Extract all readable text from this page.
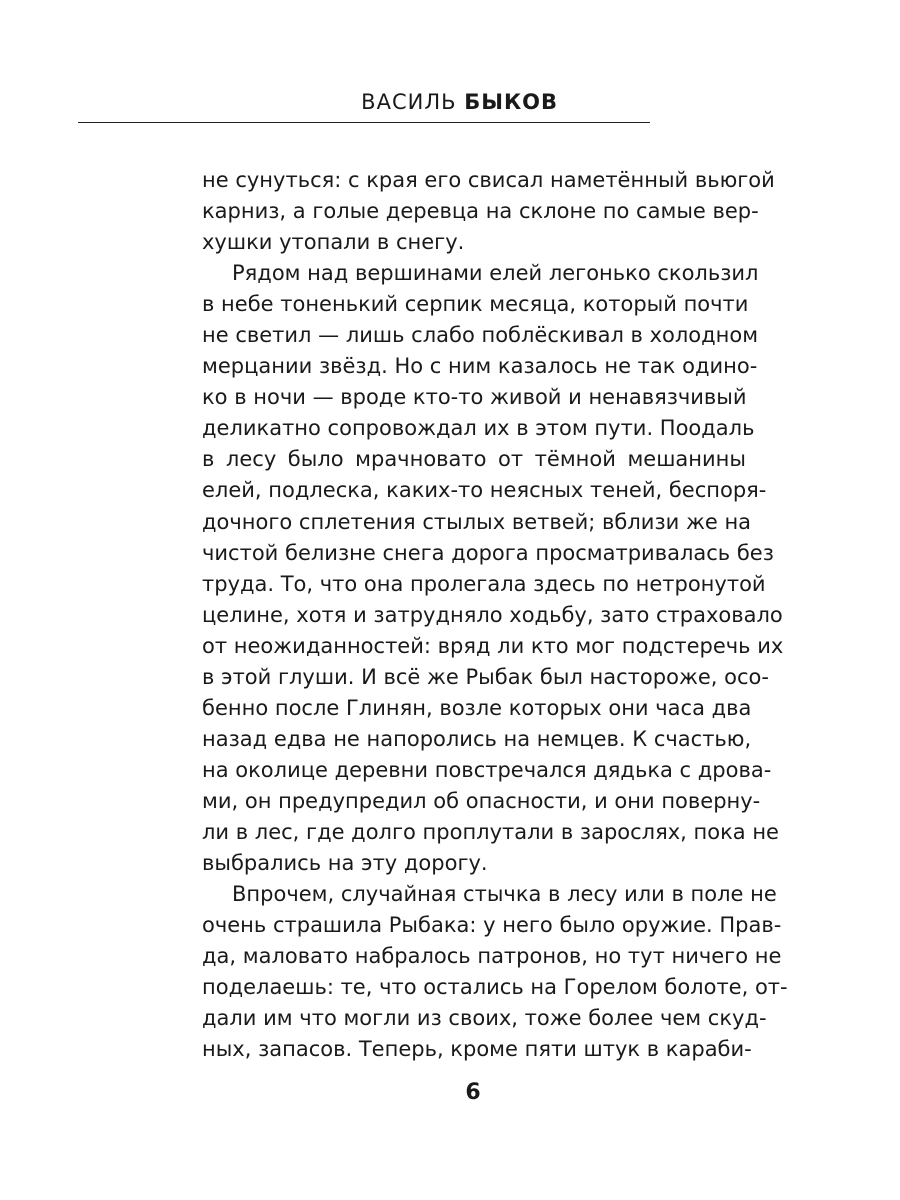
ВАСИЛЬ БЫКОВ
не сунуться: с края его свисал наметённый вьюгой
карниз, а голые деревца на склоне по самые вер-
хушки утопали в снегу.
Рядом над вершинами елей легонько скользил
в небе тоненький серпик месяца, который почти
не светил — лишь слабо поблёскивал в холодном
мерцании звёзд. Но с ним казалось не так одино-
ко в ночи — вроде кто-то живой и ненавязчивый
деликатно сопровождал их в этом пути. Поодаль
в лесу было мрачновато от тёмной мешанины
елей, подлеска, каких-то неясных теней, беспоря-
дочного сплетения стылых ветвей; вблизи же на
чистой белизне снега дорога просматривалась без
труда. То, что она пролегала здесь по нетронутой
целине, хотя и затрудняло ходьбу, зато страховало
от неожиданностей: вряд ли кто мог подстеречь их
в этой глуши. И всё же Рыбак был настороже, осо-
бенно после Глинян, возле которых они часа два
назад едва не напоролись на немцев. К счастью,
на околице деревни повстречался дядька с дрова-
ми, он предупредил об опасности, и они поверну-
ли в лес, где долго проплутали в зарослях, пока не
выбрались на эту дорогу.
Впрочем, случайная стычка в лесу или в поле не
очень страшила Рыбака: у него было оружие. Прав-
да, маловато набралось патронов, но тут ничего не
поделаешь: те, что остались на Горелом болоте, от-
дали им что могли из своих, тоже более чем скуд-
ных, запасов. Теперь, кроме пяти штук в караби-
6
